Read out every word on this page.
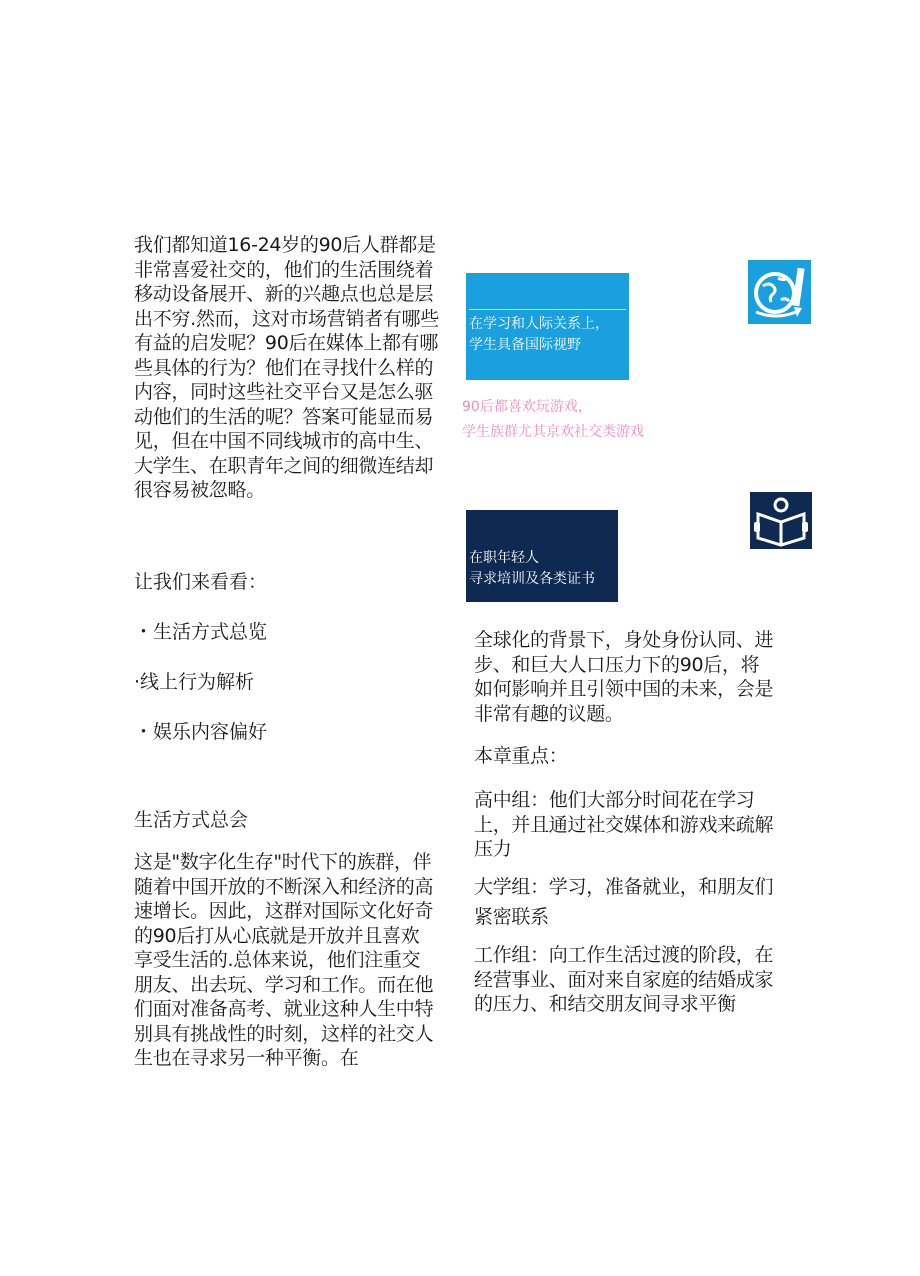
我们都知道16-24岁的90后人群都是非常喜爱社交的，他们的生活围绕着移动设备展开、新的兴趣点也总是层出不穷.然而，这对市场营销者有哪些有益的启发呢？90后在媒体上都有哪些具体的行为？他们在寻找什么样的内容，同时这些社交平台又是怎么驱动他们的生活的呢？答案可能显而易见，但在中国不同线城市的高中生、大学生、在职青年之间的细微连结却很容易被忽略。
让我们来看看：
・生活方式总览
·线上行为解析
・娱乐内容偏好
生活方式总会
这是"数字化生存"时代下的族群，伴随着中国开放的不断深入和经济的高速增长。因此，这群对国际文化好奇的90后打从心底就是开放并且喜欢享受生活的.总体来说，他们注重交朋友、出去玩、学习和工作。而在他们面对准备高考、就业这种人生中特别具有挑战性的时刻，这样的社交人生也在寻求另一种平衡。在
在学习和人际关系上，
学生具备国际视野
90后都喜欢玩游戏，
学生族群尤其京欢社交类游戏
在职年轻人
寻求培训及各类证书
全球化的背景下，身处身份认同、进步、和巨大人口压力下的90后，将如何影响并且引领中国的未来，会是非常有趣的议题。
本章重点：
高中组：他们大部分时间花在学习上，并且通过社交媒体和游戏来疏解压力
大学组：学习，准备就业，和朋友们紧密联系
工作组：向工作生活过渡的阶段，在经营事业、面对来自家庭的结婚成家的压力、和结交朋友间寻求平衡
